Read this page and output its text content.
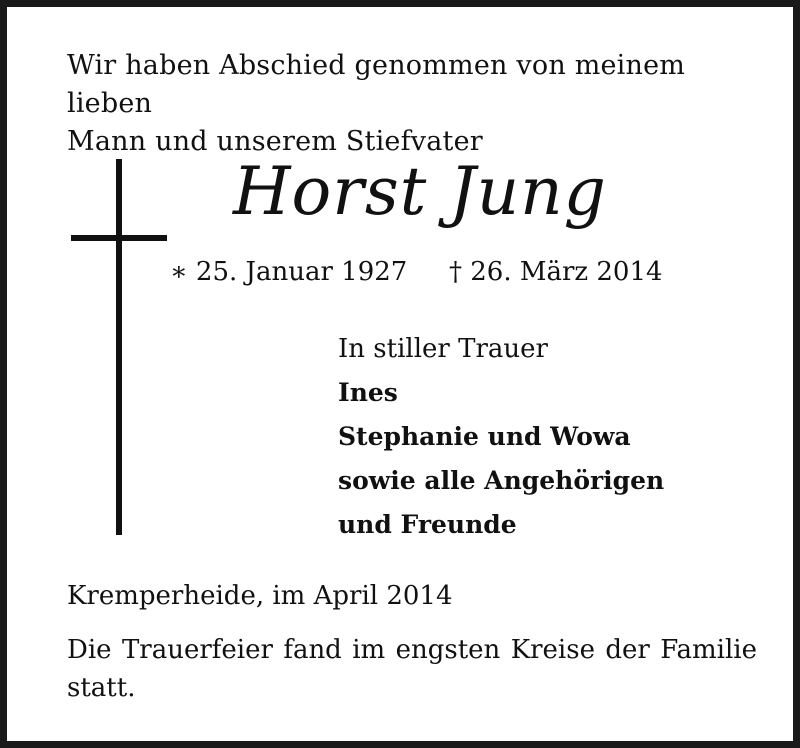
Wir haben Abschied genommen von meinem lieben
Mann und unserem Stiefvater
Horst Jung
∗ 25. Januar 1927 † 26. März 2014
In stiller Trauer
Ines
Stephanie und Wowa
sowie alle Angehörigen
und Freunde
Kremperheide, im April 2014
Die Trauerfeier fand im engsten Kreise der Familie
statt.
